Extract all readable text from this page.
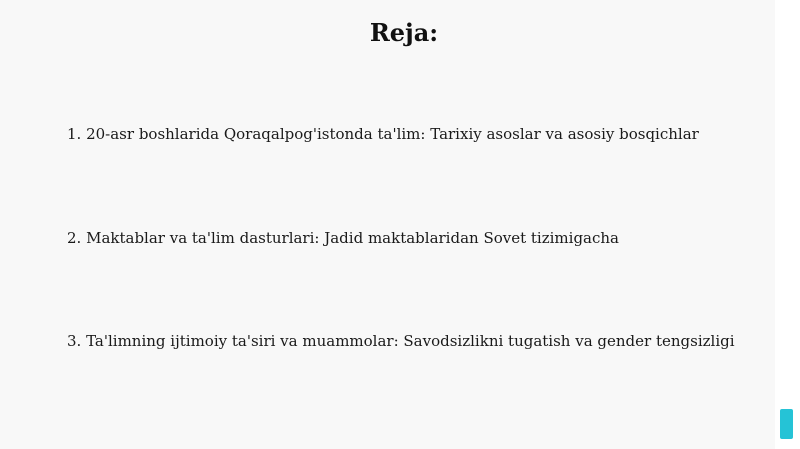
Reja:

1. 20-asr boshlarida Qoraqalpog'istonda ta'lim: Tarixiy asoslar va asosiy bosqichlar

2. Maktablar va ta'lim dasturlari: Jadid maktablaridan Sovet tizimigacha

3. Ta'limning ijtimoiy ta'siri va muammolar: Savodsizlikni tugatish va gender tengsizligi
